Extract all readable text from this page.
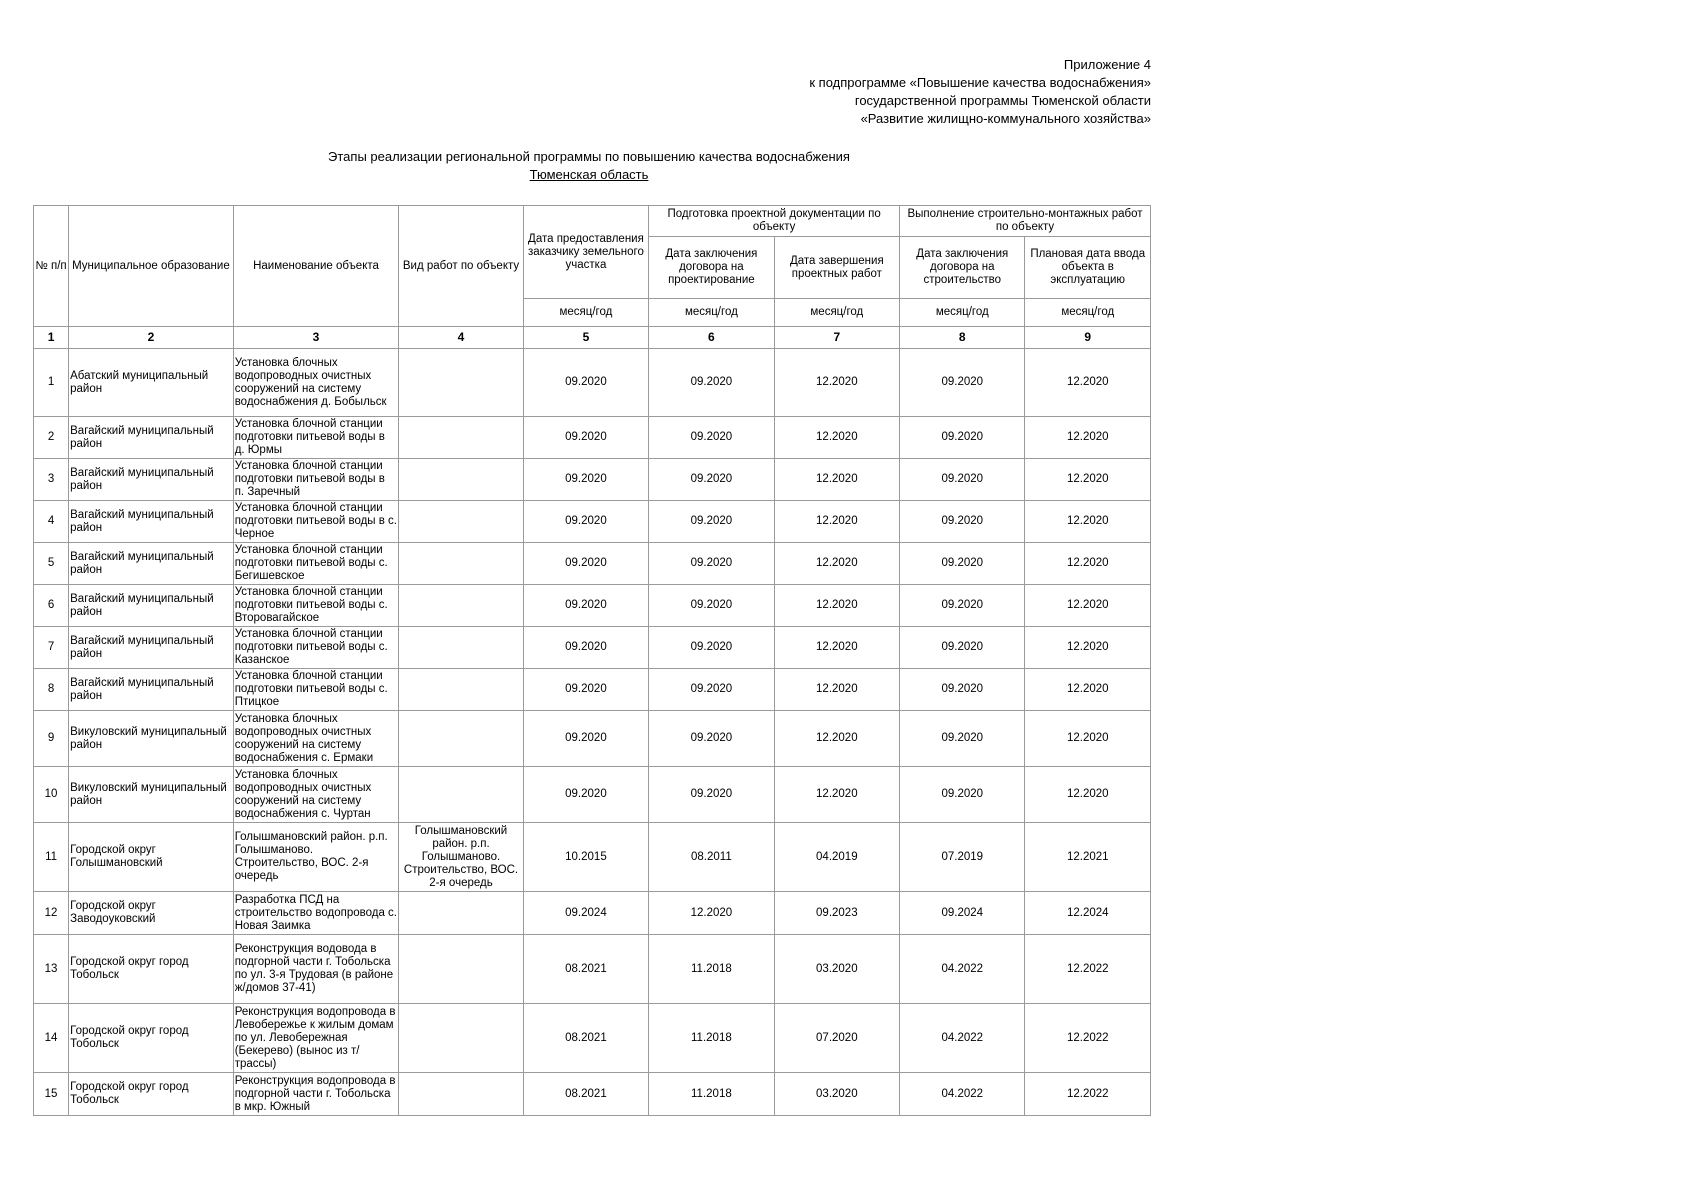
Приложение 4
к подпрограмме «Повышение качества водоснабжения»
государственной программы Тюменской области
«Развитие жилищно-коммунального хозяйства»
Этапы реализации региональной программы по повышению качества водоснабжения
Тюменская область
№ п/п	Муниципальное образование	Наименование объекта	Вид работ по объекту	Дата предоставления заказчику земельного участка	Подготовка проектной документации по объекту		Выполнение строительно-монтажных работ по объекту	
					Дата заключения договора на проектирование	Дата завершения проектных работ	Дата заключения договора на строительство	Плановая дата ввода объекта в эксплуатацию
				месяц/год	месяц/год	месяц/год	месяц/год	месяц/год
1	2	3	4	5	6	7	8	9
1	Абатский муниципальный район	Установка блочных водопроводных очистных сооружений на систему водоснабжения д. Бобыльск		09.2020	09.2020	12.2020	09.2020	12.2020
2	Вагайский муниципальный район	Установка блочной станции подготовки питьевой воды в д. Юрмы		09.2020	09.2020	12.2020	09.2020	12.2020
3	Вагайский муниципальный район	Установка блочной станции подготовки питьевой воды в п. Заречный		09.2020	09.2020	12.2020	09.2020	12.2020
4	Вагайский муниципальный район	Установка блочной станции подготовки питьевой воды в с. Черное		09.2020	09.2020	12.2020	09.2020	12.2020
5	Вагайский муниципальный район	Установка блочной станции подготовки питьевой воды с. Бегишевское		09.2020	09.2020	12.2020	09.2020	12.2020
6	Вагайский муниципальный район	Установка блочной станции подготовки питьевой воды с. Второвагайское		09.2020	09.2020	12.2020	09.2020	12.2020
7	Вагайский муниципальный район	Установка блочной станции подготовки питьевой воды с. Казанское		09.2020	09.2020	12.2020	09.2020	12.2020
8	Вагайский муниципальный район	Установка блочной станции подготовки питьевой воды с. Птицкое		09.2020	09.2020	12.2020	09.2020	12.2020
9	Викуловский муниципальный район	Установка блочных водопроводных очистных сооружений на систему водоснабжения с. Ермаки		09.2020	09.2020	12.2020	09.2020	12.2020
10	Викуловский муниципальный район	Установка блочных водопроводных очистных сооружений на систему водоснабжения с. Чуртан		09.2020	09.2020	12.2020	09.2020	12.2020
11	Городской округ Голышмановский	Голышмановский район. р.п. Голышманово. Строительство, ВОС. 2-я очередь	Голышмановский район. р.п. Голышманово. Строительство, ВОС. 2-я очередь	10.2015	08.2011	04.2019	07.2019	12.2021
12	Городской округ Заводоуковский	Разработка ПСД на строительство водопровода с. Новая Заимка		09.2024	12.2020	09.2023	09.2024	12.2024
13	Городской округ город Тобольск	Реконструкция водовода в подгорной части г. Тобольска по ул. 3-я Трудовая (в районе ж/домов 37-41)		08.2021	11.2018	03.2020	04.2022	12.2022
14	Городской округ город Тобольск	Реконструкция водопровода в Левобережье к жилым домам по ул. Левобережная (Бекерево) (вынос из т/трассы)		08.2021	11.2018	07.2020	04.2022	12.2022
15	Городской округ город Тобольск	Реконструкция водопровода в подгорной части г. Тобольска в мкр. Южный		08.2021	11.2018	03.2020	04.2022	12.2022
